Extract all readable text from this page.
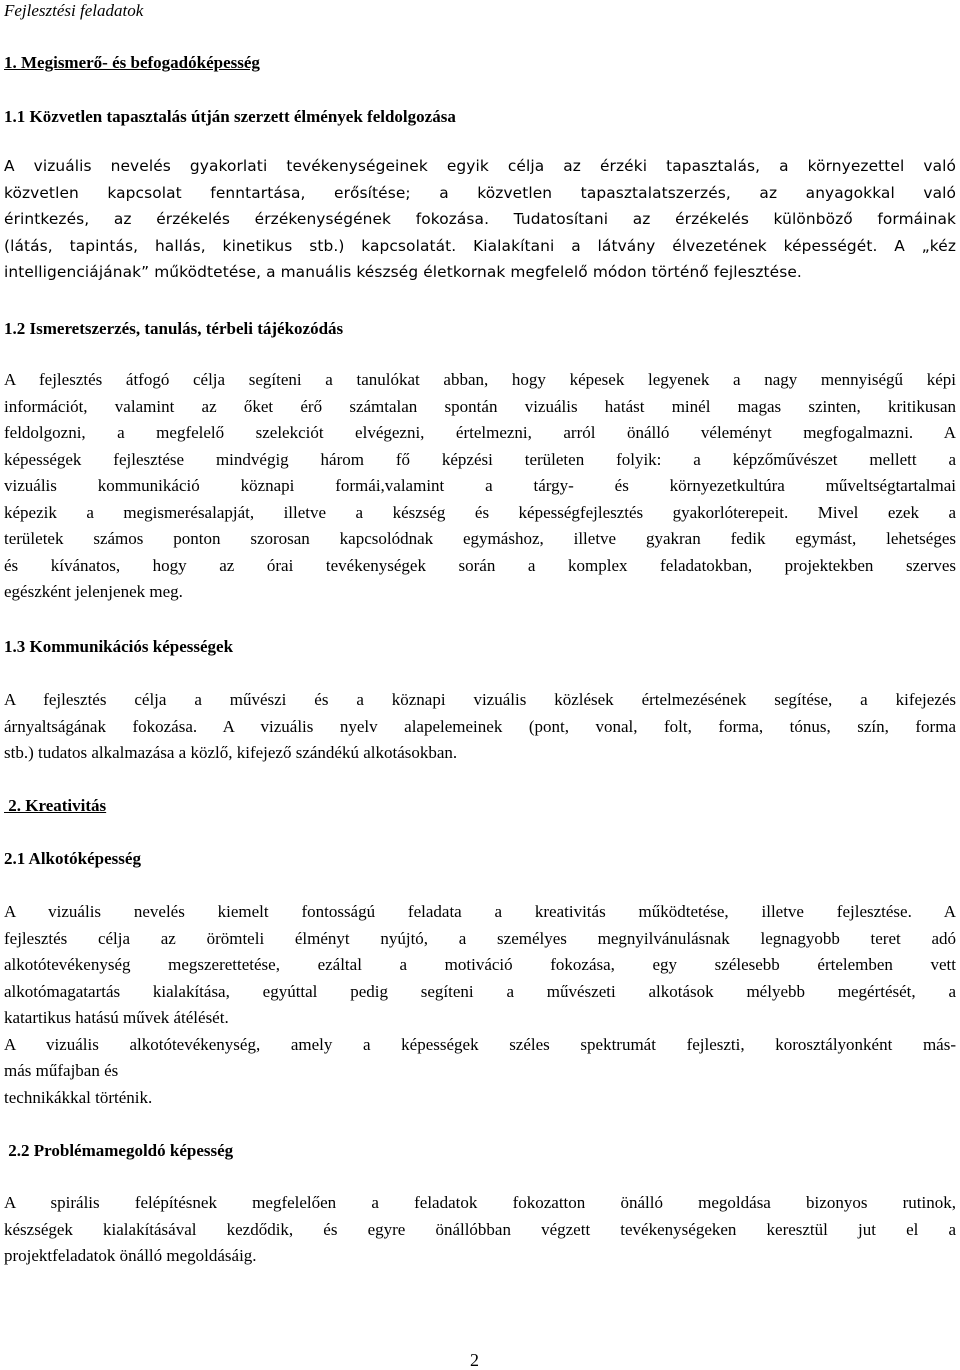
Fejlesztési feladatok
1. Megismerő- és befogadóképesség
1.1 Közvetlen tapasztalás útján szerzett élmények feldolgozása
A vizuális nevelés gyakorlati tevékenységeinek egyik célja az érzéki tapasztalás, a környezettel való
közvetlen kapcsolat fenntartása, erősítése; a közvetlen tapasztalatszerzés, az anyagokkal való
érintkezés, az érzékelés érzékenységének fokozása. Tudatosítani az érzékelés különböző formáinak
(látás, tapintás, hallás, kinetikus stb.) kapcsolatát. Kialakítani a látvány élvezetének képességét. A „kéz
intelligenciájának” működtetése, a manuális készség életkornak megfelelő módon történő fejlesztése.
1.2 Ismeretszerzés, tanulás, térbeli tájékozódás
A fejlesztés átfogó célja segíteni a tanulókat abban, hogy képesek legyenek a nagy mennyiségű képi
információt, valamint az őket érő számtalan spontán vizuális hatást minél magas szinten, kritikusan
feldolgozni, a megfelelő szelekciót elvégezni, értelmezni, arról önálló véleményt megfogalmazni. A
képességek fejlesztése mindvégig három fő képzési területen folyik: a képzőművészet mellett a
vizuális kommunikáció köznapi formái,valamint a tárgy- és környezetkultúra műveltségtartalmai
képezik a megismerésalapját, illetve a készség és képességfejlesztés gyakorlóterepeit. Mivel ezek a
területek számos ponton szorosan kapcsolódnak egymáshoz, illetve gyakran fedik egymást, lehetséges
és kívánatos, hogy az órai tevékenységek során a komplex feladatokban, projektekben szerves
egészként jelenjenek meg.
1.3 Kommunikációs képességek
A fejlesztés célja a művészi és a köznapi vizuális közlések értelmezésének segítése, a kifejezés
árnyaltságának fokozása. A vizuális nyelv alapelemeinek (pont, vonal, folt, forma, tónus, szín, forma
stb.) tudatos alkalmazása a közlő, kifejező szándékú alkotásokban.
2. Kreativitás
2.1 Alkotóképesség
A vizuális nevelés kiemelt fontosságú feladata a kreativitás működtetése, illetve fejlesztése. A
fejlesztés célja az örömteli élményt nyújtó, a személyes megnyilvánulásnak legnagyobb teret adó
alkotótevékenység megszerettetése, ezáltal a motiváció fokozása, egy szélesebb értelemben vett
alkotómagatartás kialakítása, egyúttal pedig segíteni a művészeti alkotások mélyebb megértését, a
katartikus hatású művek átélését.
A vizuális alkotótevékenység, amely a képességek széles spektrumát fejleszti, korosztályonként más-
más műfajban és
technikákkal történik.
2.2 Problémamegoldó képesség
A spirális felépítésnek megfelelően a feladatok fokozatton önálló megoldása bizonyos rutinok,
készségek kialakításával kezdődik, és egyre önállóbban végzett tevékenységeken keresztül jut el a
projektfeladatok önálló megoldásáig.
2
